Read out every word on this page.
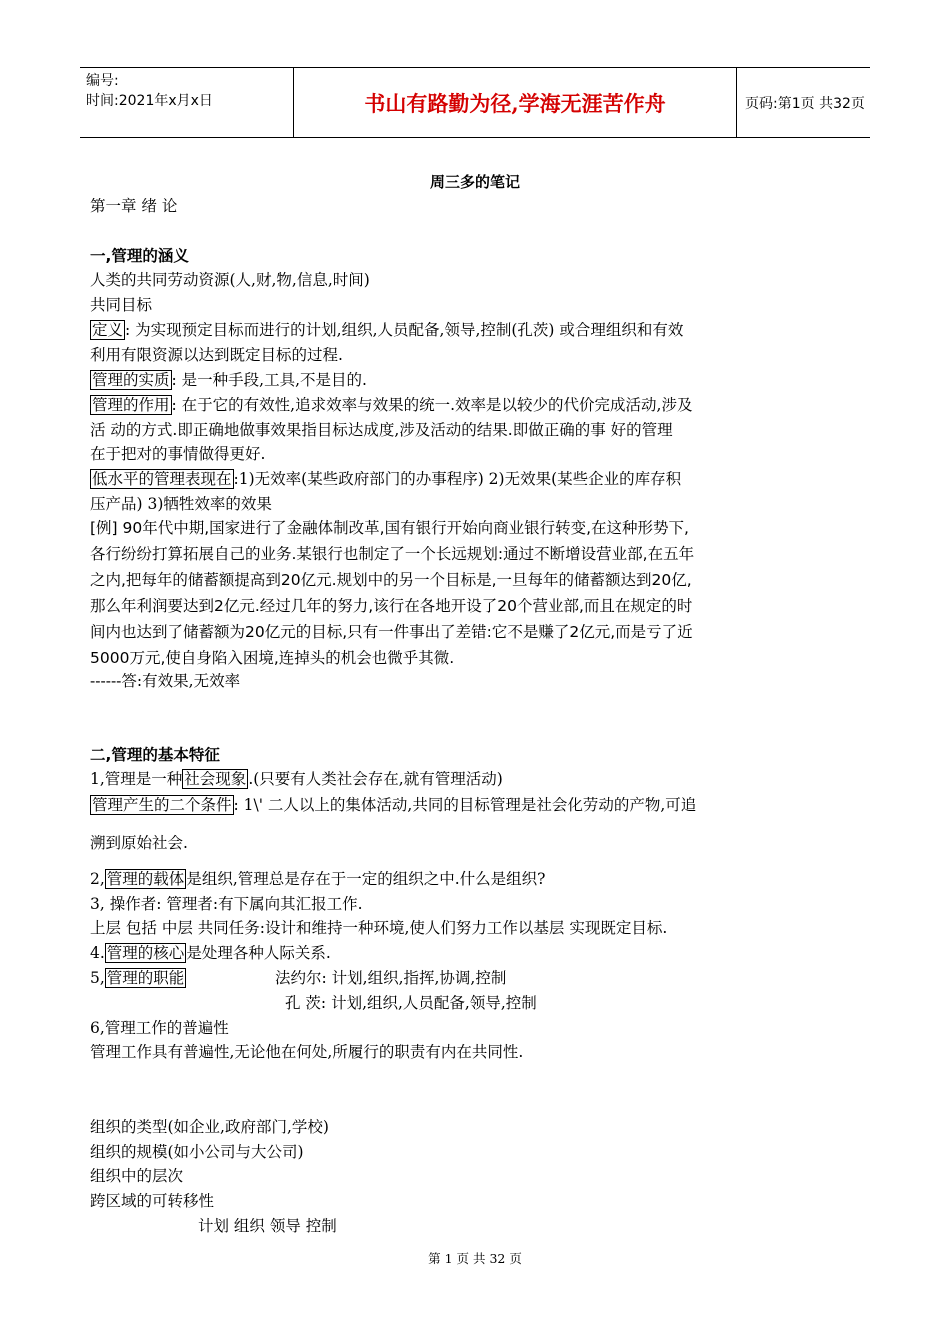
编号:
时间:2021年x月x日	书山有路勤为径,学海无涯苦作舟	页码:第1页 共32页
周三多的笔记
第一章 绪 论
一,管理的涵义
人类的共同劳动资源(人,财,物,信息,时间)
共同目标
定义 : 为实现预定目标而进行的计划,组织,人员配备,领导,控制(孔茨) 或合理组织和有效
利用有限资源以达到既定目标的过程.
管理的实质 : 是一种手段,工具,不是目的.
管理的作用 : 在于它的有效性,追求效率与效果的统一.效率是以较少的代价完成活动,涉及
活 动的方式.即正确地做事效果指目标达成度,涉及活动的结果.即做正确的事 好的管理
在于把对的事情做得更好.
低水平的管理表现在 :1)无效率(某些政府部门的办事程序) 2)无效果(某些企业的库存积
压产品) 3)牺牲效率的效果
[例] 90年代中期,国家进行了金融体制改革,国有银行开始向商业银行转变,在这种形势下,
各行纷纷打算拓展自己的业务.某银行也制定了一个长远规划:通过不断增设营业部,在五年
之内,把每年的储蓄额提高到20亿元.规划中的另一个目标是,一旦每年的储蓄额达到20亿,
那么年利润要达到2亿元.经过几年的努力,该行在各地开设了20个营业部,而且在规定的时
间内也达到了储蓄额为20亿元的目标,只有一件事出了差错:它不是赚了2亿元,而是亏了近
5000万元,使自身陷入困境,连掉头的机会也微乎其微.
------答:有效果,无效率
二,管理的基本特征
1,管理是一种 社会现象 .(只要有人类社会存在,就有管理活动)
管理产生的二个条件 : 1\' 二人以上的集体活动,共同的目标管理是社会化劳动的产物,可追
溯到原始社会.
2, 管理的载体 是组织,管理总是存在于一定的组织之中.什么是组织?
3, 操作者: 管理者:有下属向其汇报工作.
上层 包括 中层 共同任务:设计和维持一种环境,使人们努力工作以基层 实现既定目标.
4. 管理的核心 是处理各种人际关系.
5, 管理的职能	法约尔: 计划,组织,指挥,协调,控制
孔 茨: 计划,组织,人员配备,领导,控制
6,管理工作的普遍性
管理工作具有普遍性,无论他在何处,所履行的职责有内在共同性.
组织的类型(如企业,政府部门,学校)
组织的规模(如小公司与大公司)
组织中的层次
跨区域的可转移性
计划 组织 领导 控制
第 1 页 共 32 页
